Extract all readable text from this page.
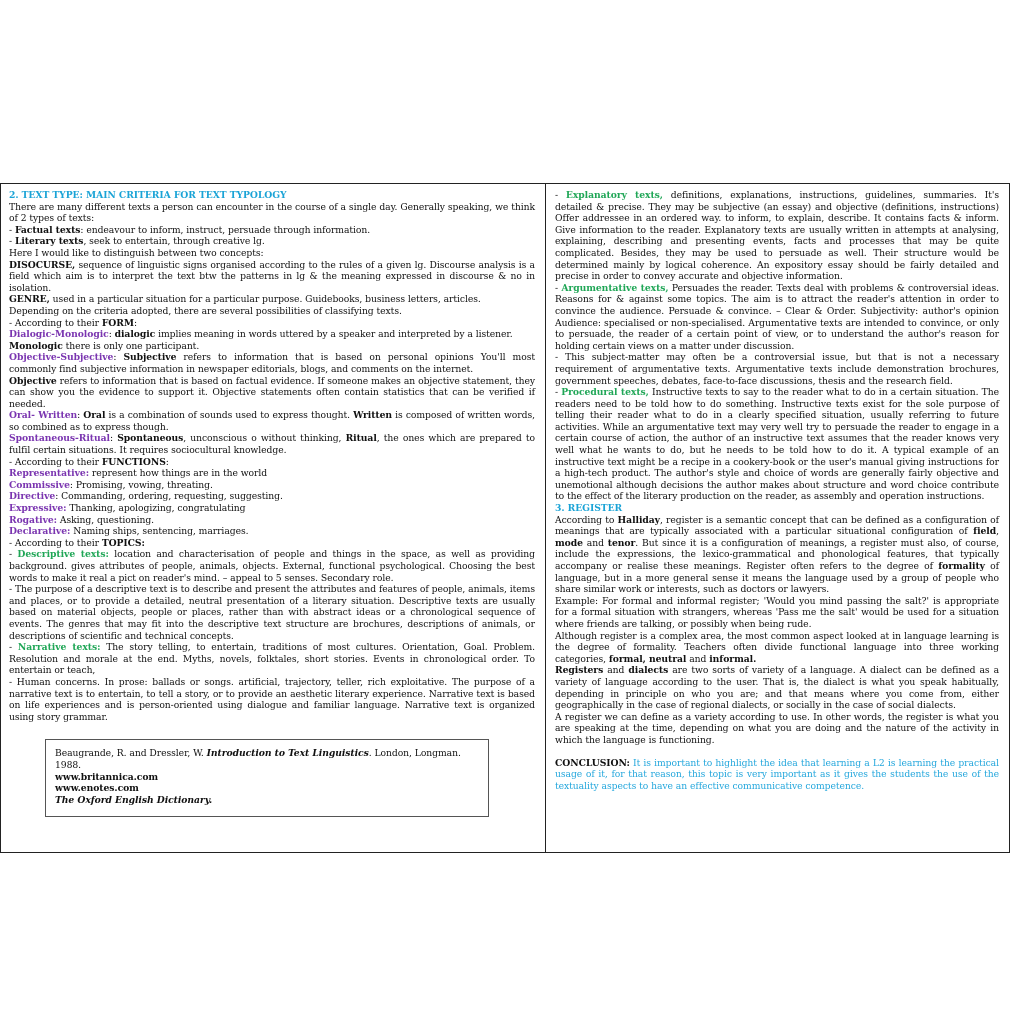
2. TEXT TYPE: MAIN CRITERIA FOR TEXT TYPOLOGY

There are many different texts a person can encounter in the course of a single day. Generally speaking, we think of 2 types of texts:

- Factual texts: endeavour to inform, instruct, persuade through information.

- Literary texts, seek to entertain, through creative lg.

Here I would like to distinguish between two concepts:

DISOCURSE, sequence of linguistic signs organised according to the rules of a given lg. Discourse analysis is a field which aim is to interpret the text btw the patterns in lg & the meaning expressed in discourse & no in isolation.

GENRE, used in a particular situation for a particular purpose. Guidebooks, business letters, articles.

Depending on the criteria adopted, there are several possibilities of classifying texts.

- According to their FORM:

Dialogic-Monologic: dialogic implies meaning in words uttered by a speaker and interpreted by a listener.

Monologic there is only one participant.

Objective-Subjective: Subjective refers to information that is based on personal opinions You'll most commonly find subjective information in newspaper editorials, blogs, and comments on the internet.

Objective refers to information that is based on factual evidence. If someone makes an objective statement, they can show you the evidence to support it. Objective statements often contain statistics that can be verified if needed.

Oral- Written: Oral is a combination of sounds used to express thought. Written is composed of written words, so combined as to express though.

Spontaneous-Ritual: Spontaneous, unconscious o without thinking, Ritual, the ones which are prepared to fulfil certain situations. It requires sociocultural knowledge.

- According to their FUNCTIONS:

Representative: represent how things are in the world

Commissive: Promising, vowing, threating.

Directive: Commanding, ordering, requesting, suggesting.

Expressive: Thanking, apologizing, congratulating

Rogative: Asking, questioning.

Declarative: Naming ships, sentencing, marriages.

- According to their TOPICS:

- Descriptive texts: location and characterisation of people and things in the space, as well as providing background. gives attributes of people, animals, objects. External, functional psychological. Choosing the best words to make it real a pict on reader's mind. – appeal to 5 senses. Secondary role.

- The purpose of a descriptive text is to describe and present the attributes and features of people, animals, items and places, or to provide a detailed, neutral presentation of a literary situation. Descriptive texts are usually based on material objects, people or places, rather than with abstract ideas or a chronological sequence of events. The genres that may fit into the descriptive text structure are brochures, descriptions of animals, or descriptions of scientific and technical concepts.

- Narrative texts: The story telling, to entertain, traditions of most cultures. Orientation, Goal. Problem. Resolution and morale at the end. Myths, novels, folktales, short stories. Events in chronological order. To entertain or teach,

- Human concerns. In prose: ballads or songs. artificial, trajectory, teller, rich exploitative. The purpose of a narrative text is to entertain, to tell a story, or to provide an aesthetic literary experience. Narrative text is based on life experiences and is person-oriented using dialogue and familiar language. Narrative text is organized using story grammar.

Beaugrande, R. and Dressler, W. Introduction to Text Linguistics. London, Longman. 1988.

www.britannica.com

www.enotes.com

The Oxford English Dictionary.

- Explanatory texts, definitions, explanations, instructions, guidelines, summaries. It's detailed & precise. They may be subjective (an essay) and objective (definitions, instructions) Offer addressee in an ordered way. to inform, to explain, describe. It contains facts & inform. Give information to the reader. Explanatory texts are usually written in attempts at analysing, explaining, describing and presenting events, facts and processes that may be quite complicated. Besides, they may be used to persuade as well. Their structure would be determined mainly by logical coherence. An expository essay should be fairly detailed and precise in order to convey accurate and objective information.

- Argumentative texts, Persuades the reader. Texts deal with problems & controversial ideas. Reasons for & against some topics. The aim is to attract the reader's attention in order to convince the audience. Persuade & convince. – Clear & Order. Subjectivity: author's opinion Audience: specialised or non-specialised. Argumentative texts are intended to convince, or only to persuade, the reader of a certain point of view, or to understand the author's reason for holding certain views on a matter under discussion.

- This subject-matter may often be a controversial issue, but that is not a necessary requirement of argumentative texts. Argumentative texts include demonstration brochures, government speeches, debates, face-to-face discussions, thesis and the research field.

- Procedural texts, Instructive texts to say to the reader what to do in a certain situation. The readers need to be told how to do something. Instructive texts exist for the sole purpose of telling their reader what to do in a clearly specified situation, usually referring to future activities. While an argumentative text may very well try to persuade the reader to engage in a certain course of action, the author of an instructive text assumes that the reader knows very well what he wants to do, but he needs to be told how to do it. A typical example of an instructive text might be a recipe in a cookery-book or the user's manual giving instructions for a high-tech product. The author's style and choice of words are generally fairly objective and unemotional although decisions the author makes about structure and word choice contribute to the effect of the literary production on the reader, as assembly and operation instructions.

3. REGISTER

According to Halliday, register is a semantic concept that can be defined as a configuration of meanings that are typically associated with a particular situational configuration of field, mode and tenor. But since it is a configuration of meanings, a register must also, of course, include the expressions, the lexico-grammatical and phonological features, that typically accompany or realise these meanings. Register often refers to the degree of formality of language, but in a more general sense it means the language used by a group of people who share similar work or interests, such as doctors or lawyers.

Example: For formal and informal register; 'Would you mind passing the salt?' is appropriate for a formal situation with strangers, whereas 'Pass me the salt' would be used for a situation where friends are talking, or possibly when being rude.

Although register is a complex area, the most common aspect looked at in language learning is the degree of formality. Teachers often divide functional language into three working categories, formal, neutral and informal.

Registers and dialects are two sorts of variety of a language. A dialect can be defined as a variety of language according to the user. That is, the dialect is what you speak habitually, depending in principle on who you are; and that means where you come from, either geographically in the case of regional dialects, or socially in the case of social dialects.

A register we can define as a variety according to use. In other words, the register is what you are speaking at the time, depending on what you are doing and the nature of the activity in which the language is functioning.

CONCLUSION: It is important to highlight the idea that learning a L2 is learning the practical usage of it, for that reason, this topic is very important as it gives the students the use of the textuality aspects to have an effective communicative competence.
